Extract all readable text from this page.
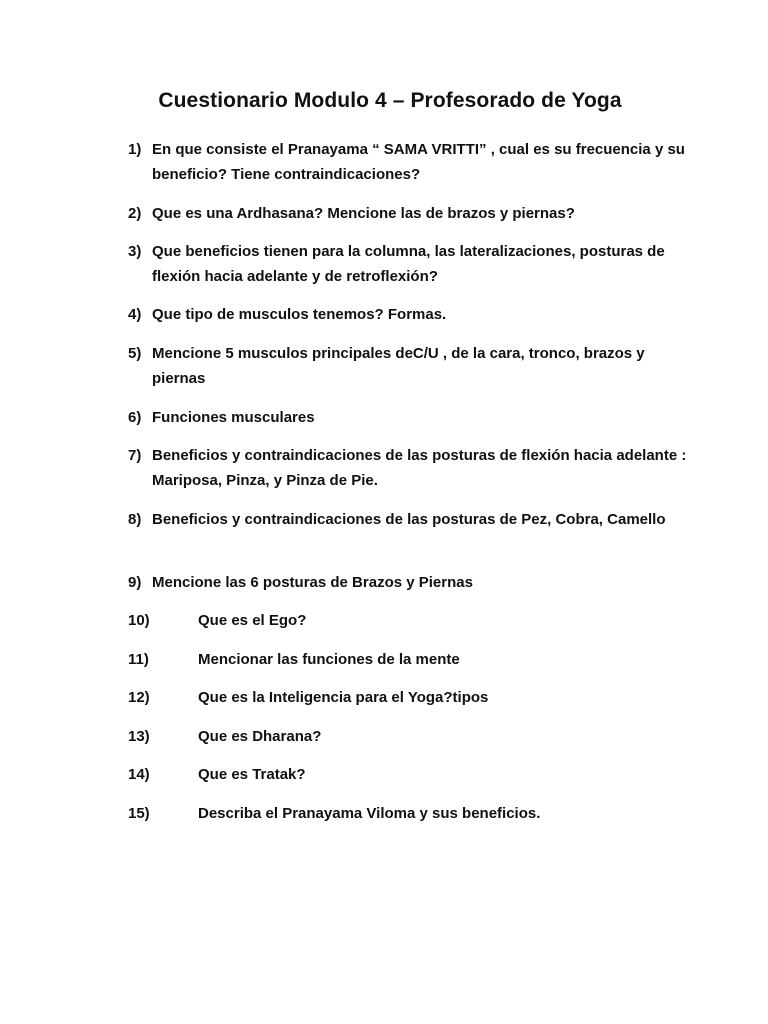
Cuestionario Modulo 4 – Profesorado de Yoga
1) En que consiste el Pranayama “ SAMA VRITTI” , cual es su frecuencia y su beneficio? Tiene contraindicaciones?
2) Que es una Ardhasana? Mencione las de brazos y piernas?
3) Que beneficios tienen para la columna, las lateralizaciones, posturas de flexión hacia adelante y de retroflexión?
4) Que tipo de musculos tenemos? Formas.
5) Mencione 5 musculos principales deC/U , de la cara, tronco, brazos y piernas
6) Funciones musculares
7) Beneficios y contraindicaciones de las posturas de flexión hacia adelante : Mariposa, Pinza, y Pinza de Pie.
8) Beneficios y contraindicaciones de las posturas de Pez, Cobra, Camello
9) Mencione las 6 posturas de Brazos y Piernas
10)	Que es el Ego?
11)	Mencionar las funciones de la mente
12)	Que es la Inteligencia para el Yoga?tipos
13)	Que es Dharana?
14)	Que es Tratak?
15)	Describa el Pranayama Viloma y sus beneficios.
